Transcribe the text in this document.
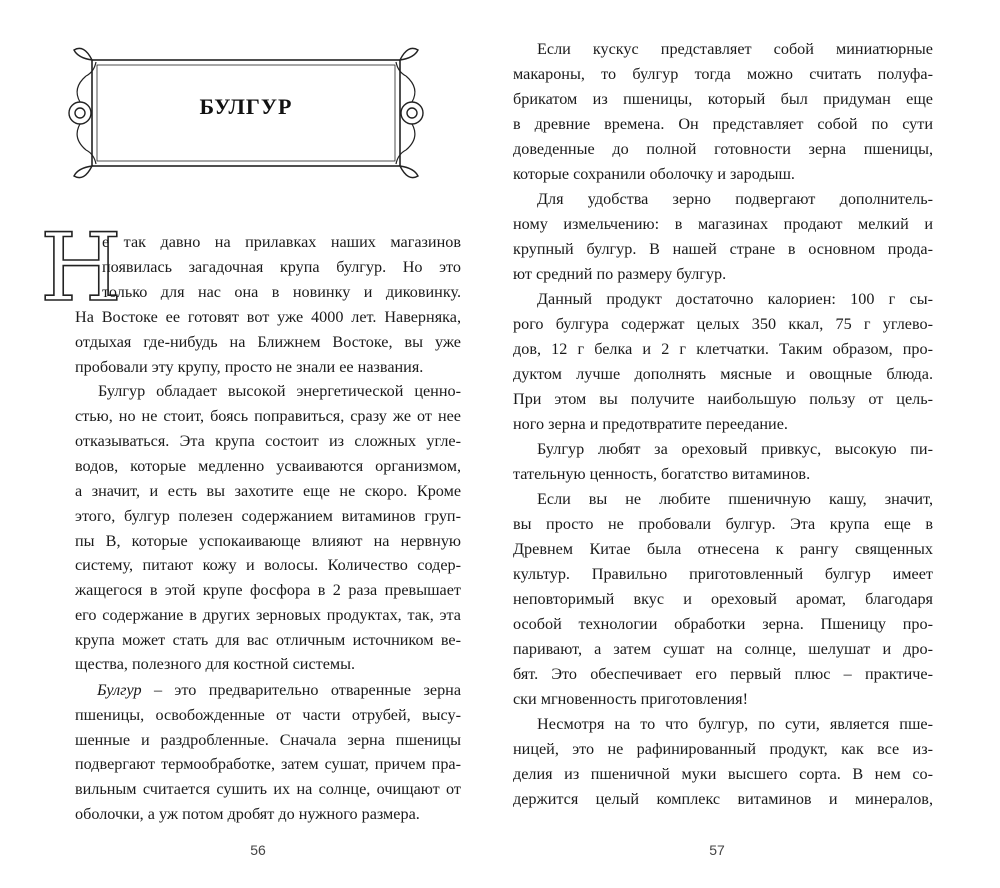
БУЛГУР
Н
е так давно на прилавках наших магазинов
появилась загадочная крупа булгур. Но это
только для нас она в новинку и диковинку.
На Востоке ее готовят вот уже 4000 лет. Наверняка,
отдыхая где-нибудь на Ближнем Востоке, вы уже
пробовали эту крупу, просто не знали ее названия.
Булгур обладает высокой энергетической ценно-
стью, но не стоит, боясь поправиться, сразу же от нее
отказываться. Эта крупа состоит из сложных угле-
водов, которые медленно усваиваются организмом,
а значит, и есть вы захотите еще не скоро. Кроме
этого, булгур полезен содержанием витаминов груп-
пы В, которые успокаивающе влияют на нервную
систему, питают кожу и волосы. Количество содер-
жащегося в этой крупе фосфора в 2 раза превышает
его содержание в других зерновых продуктах, так, эта
крупа может стать для вас отличным источником ве-
щества, полезного для костной системы.
Булгур – это предварительно отваренные зерна
пшеницы, освобожденные от части отрубей, высу-
шенные и раздробленные. Сначала зерна пшеницы
подвергают термообработке, затем сушат, причем пра-
вильным считается сушить их на солнце, очищают от
оболочки, а уж потом дробят до нужного размера.
56
Если кускус представляет собой миниатюрные
макароны, то булгур тогда можно считать полуфа-
брикатом из пшеницы, который был придуман еще
в древние времена. Он представляет собой по сути
доведенные до полной готовности зерна пшеницы,
которые сохранили оболочку и зародыш.
Для удобства зерно подвергают дополнитель-
ному измельчению: в магазинах продают мелкий и
крупный булгур. В нашей стране в основном прода-
ют средний по размеру булгур.
Данный продукт достаточно калориен: 100 г сы-
рого булгура содержат целых 350 ккал, 75 г углево-
дов, 12 г белка и 2 г клетчатки. Таким образом, про-
дуктом лучше дополнять мясные и овощные блюда.
При этом вы получите наибольшую пользу от цель-
ного зерна и предотвратите переедание.
Булгур любят за ореховый привкус, высокую пи-
тательную ценность, богатство витаминов.
Если вы не любите пшеничную кашу, значит,
вы просто не пробовали булгур. Эта крупа еще в
Древнем Китае была отнесена к рангу священных
культур. Правильно приготовленный булгур имеет
неповторимый вкус и ореховый аромат, благодаря
особой технологии обработки зерна. Пшеницу про-
паривают, а затем сушат на солнце, шелушат и дро-
бят. Это обеспечивает его первый плюс – практиче-
ски мгновенность приготовления!
Несмотря на то что булгур, по сути, является пше-
ницей, это не рафинированный продукт, как все из-
делия из пшеничной муки высшего сорта. В нем со-
держится целый комплекс витаминов и минералов,
57
